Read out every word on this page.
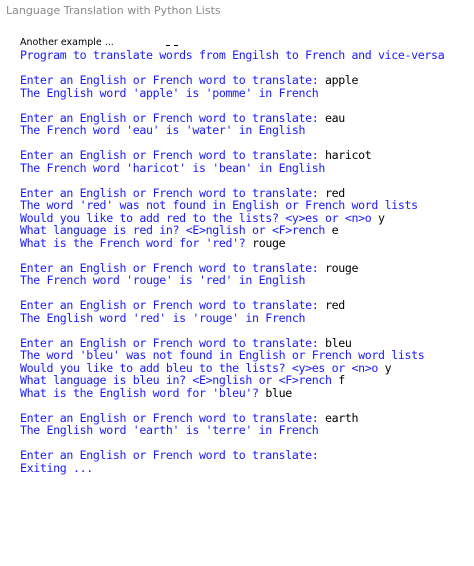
Language Translation with Python Lists
Another example ...
Program to translate words from Engilsh to French and vice-versa
Enter an English or French word to translate: apple
The English word 'apple' is 'pomme' in French
Enter an English or French word to translate: eau
The French word 'eau' is 'water' in English
Enter an English or French word to translate: haricot
The French word 'haricot' is 'bean' in English
Enter an English or French word to translate: red
The word 'red' was not found in English or French word lists
Would you like to add red to the lists? <y>es or <n>o y
What language is red in? <E>nglish or <F>rench e
What is the French word for 'red'? rouge
Enter an English or French word to translate: rouge
The French word 'rouge' is 'red' in English
Enter an English or French word to translate: red
The English word 'red' is 'rouge' in French
Enter an English or French word to translate: bleu
The word 'bleu' was not found in English or French word lists
Would you like to add bleu to the lists? <y>es or <n>o y
What language is bleu in? <E>nglish or <F>rench f
What is the English word for 'bleu'? blue
Enter an English or French word to translate: earth
The English word 'earth' is 'terre' in French
Enter an English or French word to translate:
Exiting ...
